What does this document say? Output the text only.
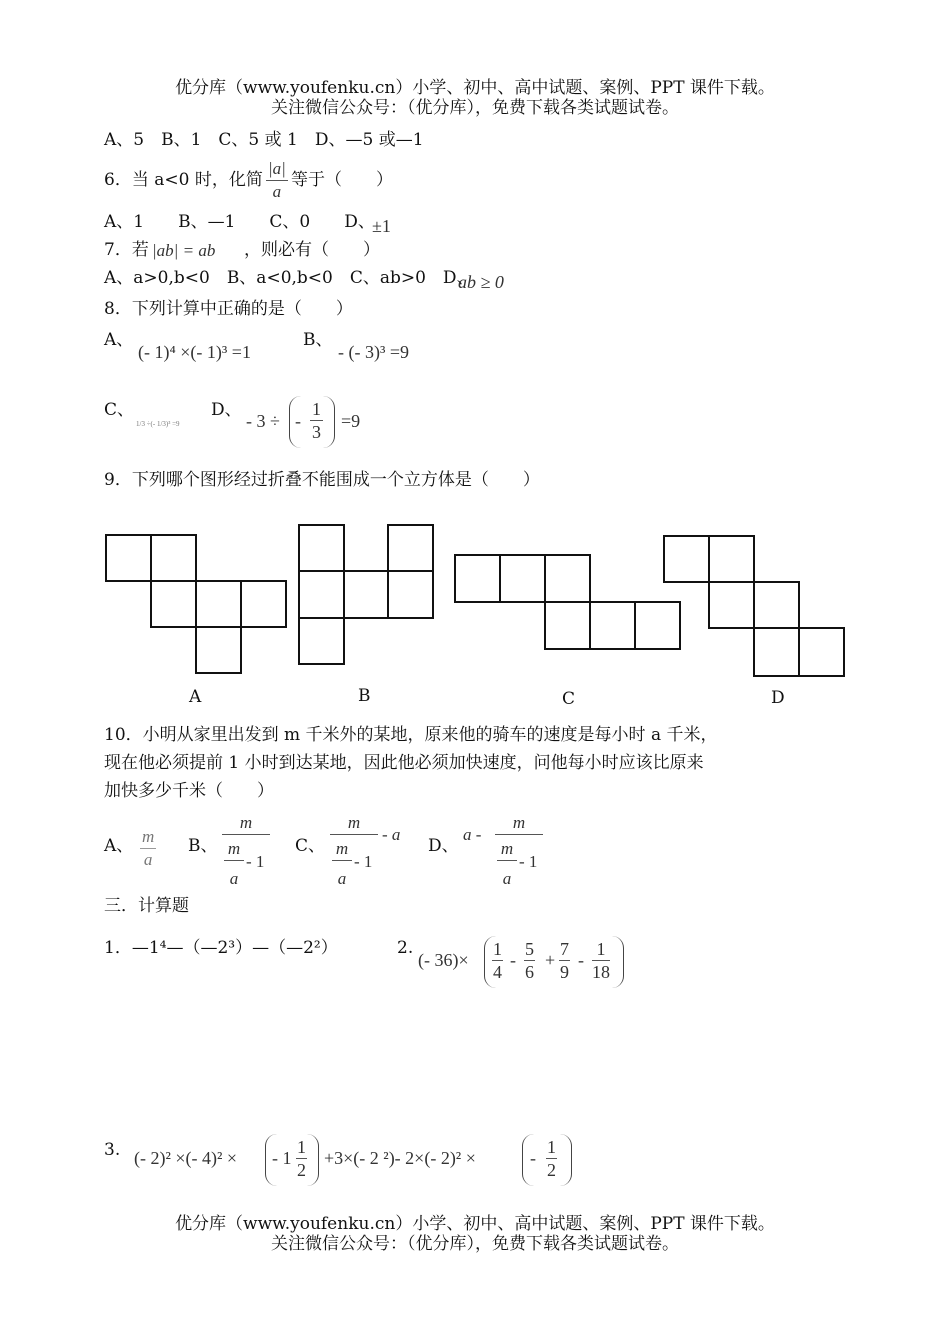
优分库（www.youfenku.cn）小学、初中、高中试题、案例、PPT 课件下载。
关注微信公众号：（优分库），免费下载各类试题试卷。
A、5　B、1　C、5 或 1　D、—5 或—1
6．当 a<0 时，化简 $\frac{|a|}{a}$ 等于（　　）
A、1　　B、—1　　C、0　　D、
±1
7．若 |ab| = ab ，则必有（　　）
A、a>0,b<0　B、a<0,b<0　C、ab>0　D、
ab ≥ 0
8．下列计算中正确的是（　　）
A、
(- 1)⁴ ×(- 1)³ =1
B、
- (- 3)³ =9
C、
1/3 ÷(- 1/3)³ =9
D、
- 3 ÷ - $\frac{1}{3} =9$
9．下列哪个图形经过折叠不能围成一个立方体是（　　）
A	B	C	D
10．小明从家里出发到 m 千米外的某地，原来他的骑车的速度是每小时 a 千米，
现在他必须提前 1 小时到达某地，因此他必须加快速度，问他每小时应该比原来
加快多少千米（　　）
A、 $\frac{m}{a}$ B、
m
m
a
- 1
C、
m
- a
m
a
- 1
D、
a -
m
m
a
- 1
三．计算题
1．—1⁴—（—2³）—（—2²）	2.
(- $36)\times \frac{1}{4} - \frac{5}{6} + \frac{7}{9} - \frac{1}{18}$
3. (- 2)² ×(- 4)² × - $1 \frac{1}{2} +3\times(-$ 2 ²)- 2×(- 2)² ×	- $\frac{1}{2}$
优分库（www.youfenku.cn）小学、初中、高中试题、案例、PPT 课件下载。
关注微信公众号：（优分库），免费下载各类试题试卷。
